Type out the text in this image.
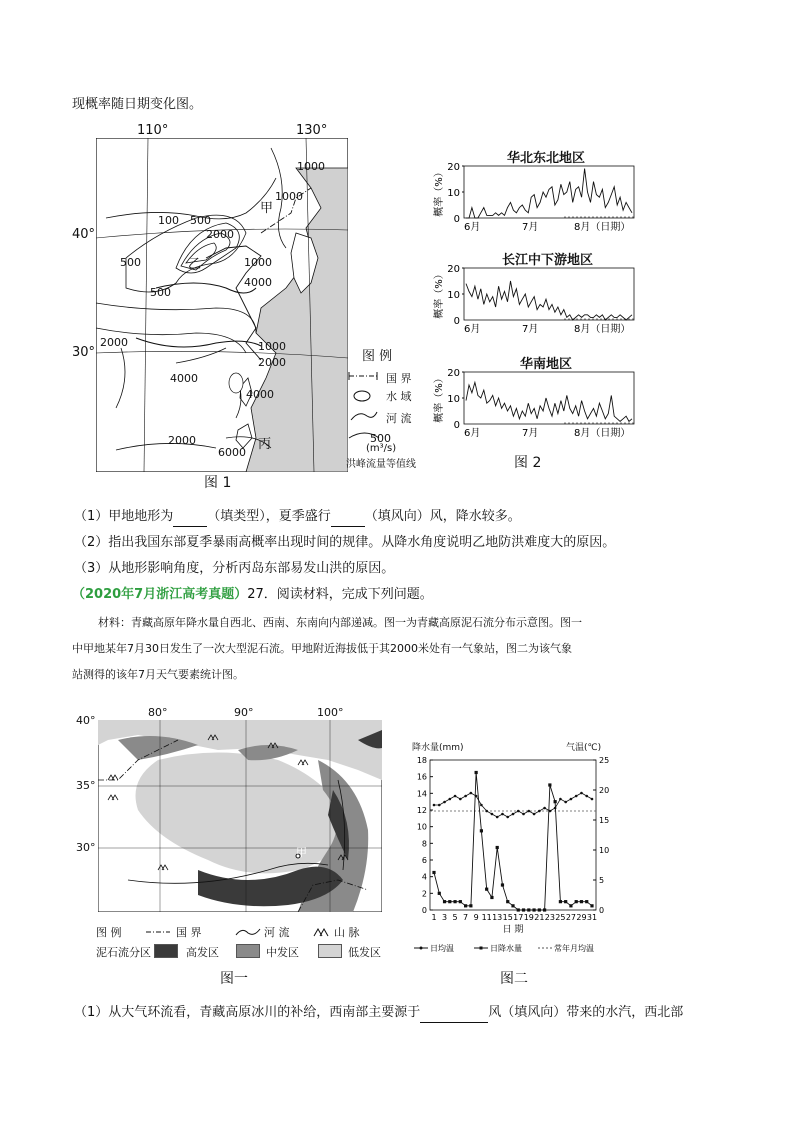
现概率随日期变化图。
110°	130°
40°
30°
1000
1000
100 500
2000
500
500
1000
4000
2000	1000
2000
4000
4000
2000
6000
甲
乙
丙
图 例
国 界
水 域
河 流
500
(m³/s)
洪峰流量等值线
图 1
20
10
0
概率（%）
6月	7月	8月（日期）
20
10
0
概率（%）
6月	7月	8月（日期）
20
10
0
概率（%）
6月	7月	8月（日期）
华北东北地区
长江中下游地区
华南地区
图 2
（1）甲地地形为	（填类型），夏季盛行	（填风向）风，降水较多。
（2）指出我国东部夏季暴雨高概率出现时间的规律。从降水角度说明乙地防洪难度大的原因。
（3）从地形影响角度，分析丙岛东部易发山洪的原因。
（2020年7月浙江高考真题）27．阅读材料，完成下列问题。
材料：青藏高原年降水量自西北、西南、东南向内部递减。图一为青藏高原泥石流分布示意图。图一
中甲地某年7月30日发生了一次大型泥石流。甲地附近海拔低于其2000米处有一气象站，图二为该气象
站测得的该年7月天气要素统计图。
80°	90°	100°
40°
35°
30°	甲
图 例	国 界	河 流	山 脉
泥石流分区	高发区	中发区	低发区
图一
18
16
14
12
10
8
6
4
2
0
25
20
15
10
5
0
1 3 5 7 9 11 13 15 17 19 21 23 25 27 29 31
日 期
日均温	日降水量	常年月均温
降水量(mm)	气温(℃)
图二
（1）从大气环流看，青藏高原冰川的补给，西南部主要源于	风（填风向）带来的水汽，西北部
